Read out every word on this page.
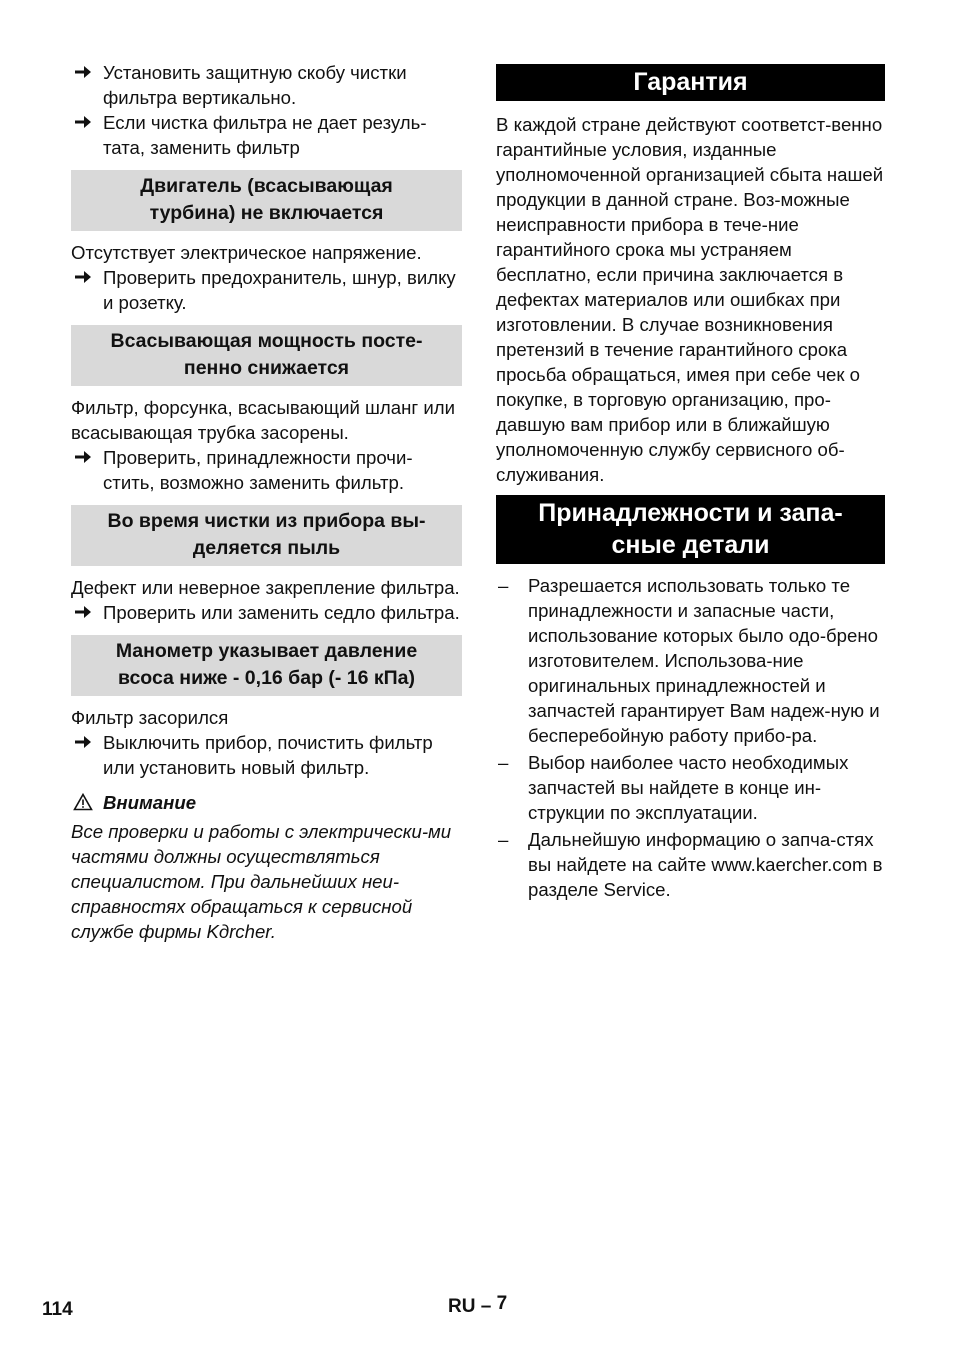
Установить защитную скобу чистки фильтра вертикально.

Если чистка фильтра не дает резуль-тата, заменить фильтр

Двигатель (всасывающая
турбина) не включается

Отсутствует электрическое напряжение.

Проверить предохранитель, шнур, вилку и розетку.

Всасывающая мощность посте-
пенно снижается

Фильтр, форсунка, всасывающий шланг или всасывающая трубка засорены.

Проверить, принадлежности прочи-стить, возможно заменить фильтр.

Во время чистки из прибора вы-
деляется пыль

Дефект или неверное закрепление фильтра.

Проверить или заменить седло фильтра.

Манометр указывает давление
всоса ниже - 0,16 бар (- 16 кПа)

Фильтр засорился

Выключить прибор, почистить фильтр или установить новый фильтр.

Внимание

Все проверки и работы с электрически-ми частями должны осуществляться специалистом. При дальнейших неи-справностях обращаться к сервисной службе фирмы Kдrcher.

Гарантия

В каждой стране действуют соответст-венно гарантийные условия, изданные уполномоченной организацией сбыта нашей продукции в данной стране. Воз-можные неисправности прибора в тече-ние гарантийного срока мы устраняем бесплатно, если причина заключается в дефектах материалов или ошибках при изготовлении. В случае возникновения претензий в течение гарантийного срока просьба обращаться, имея при себе чек о покупке, в торговую организацию, про-давшую вам прибор или в ближайшую уполномоченную службу сервисного об-служивания.

Принадлежности и запа-
сные детали

– Разрешается использовать только те принадлежности и запасные части, использование которых было одо-брено изготовителем. Использова-ние оригинальных принадлежностей и запчастей гарантирует Вам надеж-ную и бесперебойную работу прибо-ра.

– Выбор наиболее часто необходимых запчастей вы найдете в конце ин-струкции по эксплуатации.

– Дальнейшую информацию о запча-стях вы найдете на сайте www.kaercher.com в разделе Service.

114	RU – 7
